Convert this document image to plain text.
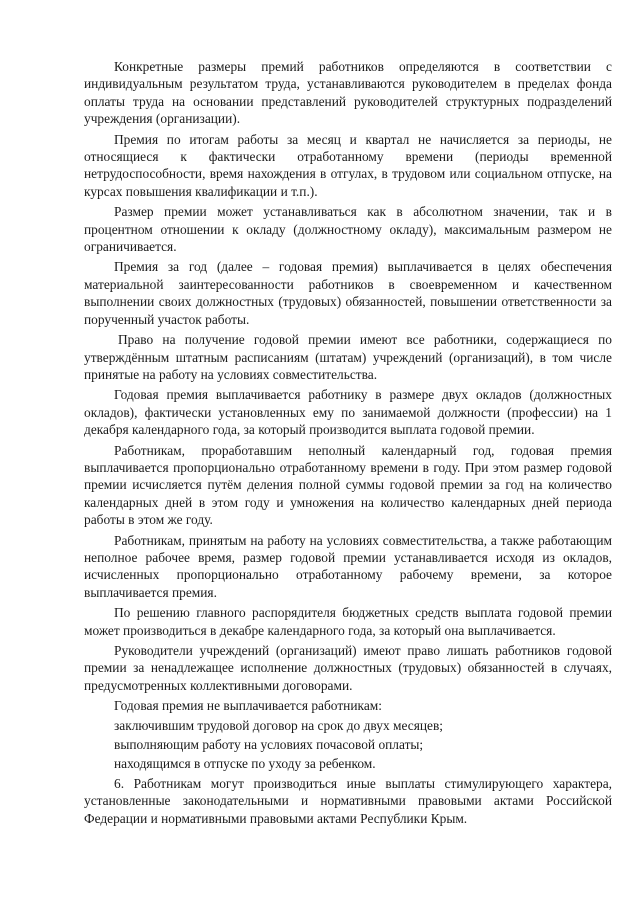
Конкретные размеры премий работников определяются в соответствии с индивидуальным результатом труда, устанавливаются руководителем в пределах фонда оплаты труда на основании представлений руководителей структурных подразделений учреждения (организации).

Премия по итогам работы за месяц и квартал не начисляется за периоды, не относящиеся к фактически отработанному времени (периоды временной нетрудоспособности, время нахождения в отгулах, в трудовом или социальном отпуске, на курсах повышения квалификации и т.п.).

Размер премии может устанавливаться как в абсолютном значении, так и в процентном отношении к окладу (должностному окладу), максимальным размером не ограничивается.

Премия за год (далее – годовая премия) выплачивается в целях обеспечения материальной заинтересованности работников в своевременном и качественном выполнении своих должностных (трудовых) обязанностей, повышении ответственности за порученный участок работы.

Право на получение годовой премии имеют все работники, содержащиеся по утверждённым штатным расписаниям (штатам) учреждений (организаций), в том числе принятые на работу на условиях совместительства.

Годовая премия выплачивается работнику в размере двух окладов (должностных окладов), фактически установленных ему по занимаемой должности (профессии) на 1 декабря календарного года, за который производится выплата годовой премии.

Работникам, проработавшим неполный календарный год, годовая премия выплачивается пропорционально отработанному времени в году. При этом размер годовой премии исчисляется путём деления полной суммы годовой премии за год на количество календарных дней в этом году и умножения на количество календарных дней периода работы в этом же году.

Работникам, принятым на работу на условиях совместительства, а также работающим неполное рабочее время, размер годовой премии устанавливается исходя из окладов, исчисленных пропорционально отработанному рабочему времени, за которое выплачивается премия.

По решению главного распорядителя бюджетных средств выплата годовой премии может производиться в декабре календарного года, за который она выплачивается.

Руководители учреждений (организаций) имеют право лишать работников годовой премии за ненадлежащее исполнение должностных (трудовых) обязанностей в случаях, предусмотренных коллективными договорами.

Годовая премия не выплачивается работникам:

заключившим трудовой договор на срок до двух месяцев;

выполняющим работу на условиях почасовой оплаты;

находящимся в отпуске по уходу за ребенком.

6. Работникам могут производиться иные выплаты стимулирующего характера, установленные законодательными и нормативными правовыми актами Российской Федерации и нормативными правовыми актами Республики Крым.
